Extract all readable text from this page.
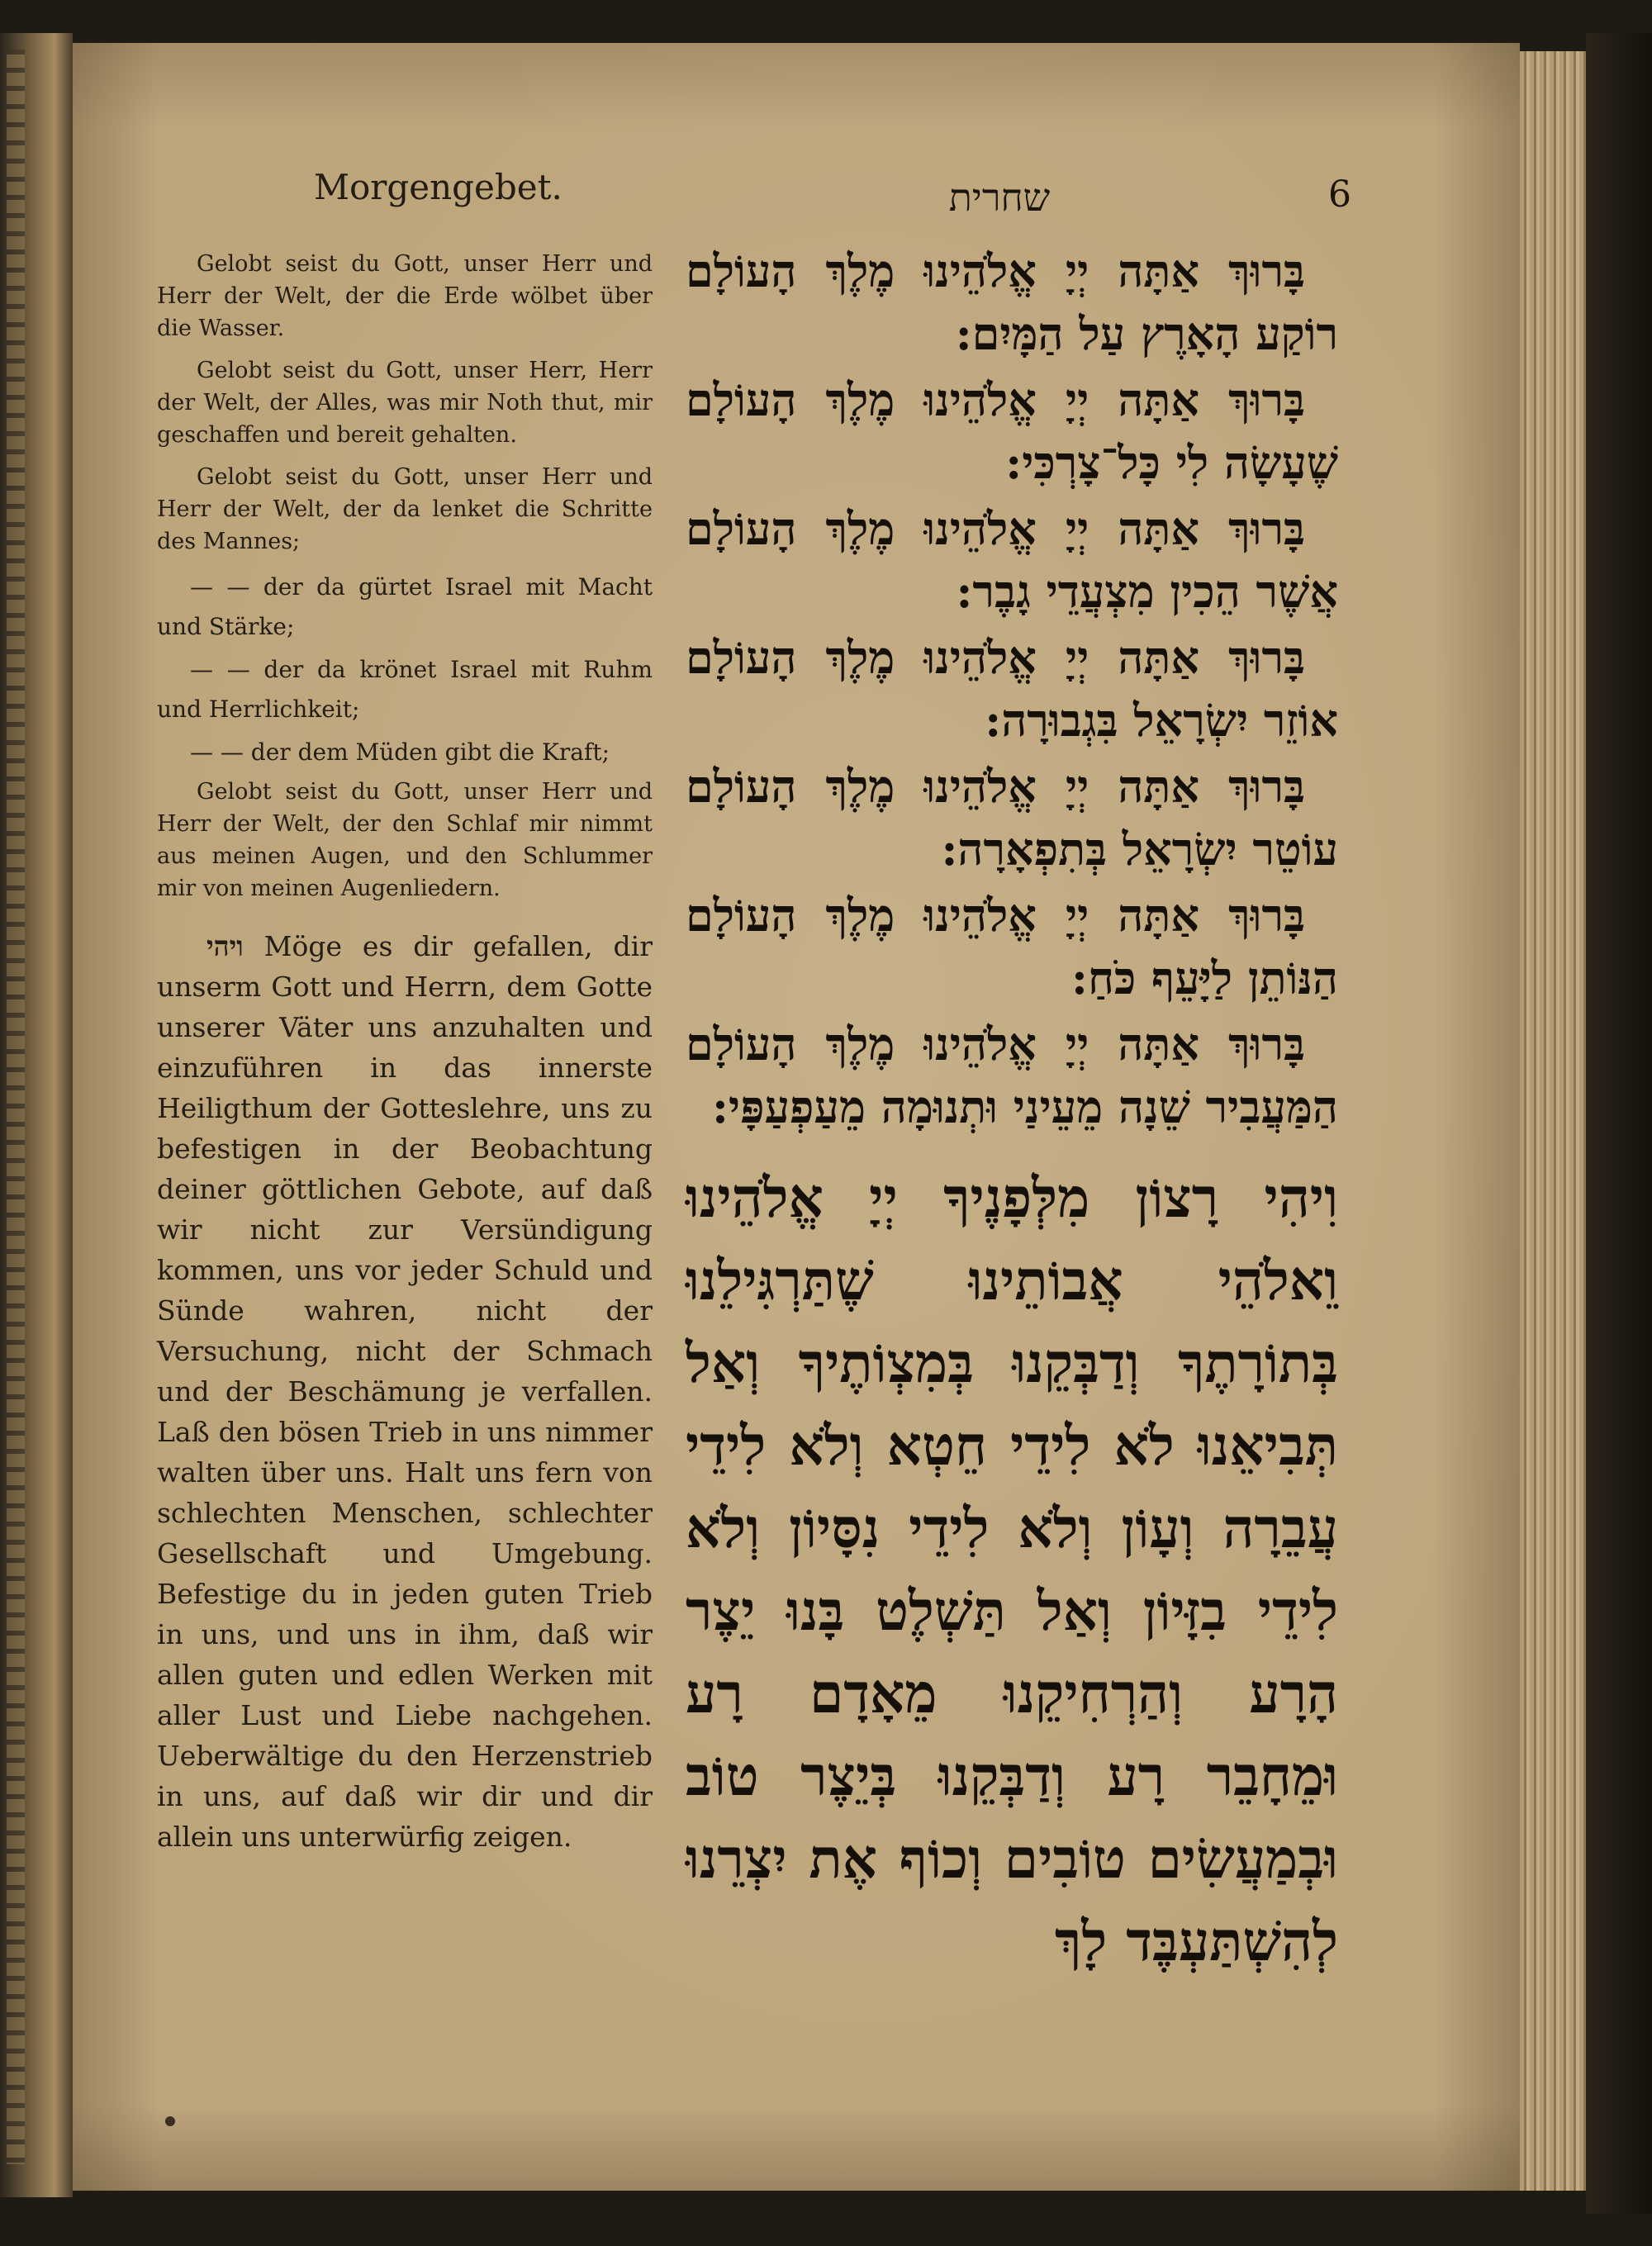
Morgengebet.	שחרית	6

Gelobt seist du Gott, unser Herr und Herr der Welt, der die Erde wölbet über die Wasser.

Gelobt seist du Gott, unser Herr, Herr der Welt, der Alles, was mir Noth thut, mir geschaffen und bereit gehalten.

Gelobt seist du Gott, unser Herr und Herr der Welt, der da lenket die Schritte des Mannes;

— — der da gürtet Israel mit Macht und Stärke;

— — der da krönet Israel mit Ruhm und Herrlichkeit;

— — der dem Müden gibt die Kraft;

Gelobt seist du Gott, unser Herr und Herr der Welt, der den Schlaf mir nimmt aus meinen Augen, und den Schlummer mir von meinen Augenliedern.

ויהי Möge es dir gefallen, dir unserm Gott und Herrn, dem Gotte unserer Väter uns anzuhalten und einzuführen in das innerste Heiligthum der Gotteslehre, uns zu befestigen in der Beobachtung deiner göttlichen Gebote, auf daß wir nicht zur Versündigung kommen, uns vor jeder Schuld und Sünde wahren, nicht der Versuchung, nicht der Schmach und der Beschämung je verfallen. Laß den bösen Trieb in uns nimmer walten über uns. Halt uns fern von schlechten Menschen, schlechter Gesellschaft und Umgebung. Befestige du in jeden guten Trieb in uns, und uns in ihm, daß wir allen guten und edlen Werken mit aller Lust und Liebe nachgehen. Ueberwältige du den Herzenstrieb in uns, auf daß wir dir und dir allein uns unterwürfig zeigen.

בָּרוּךְ אַתָּה יְיָ אֱלֹהֵינוּ מֶלֶךְ הָעוֹלָם רוֹקַע הָאָרֶץ עַל הַמָּיִם:

בָּרוּךְ אַתָּה יְיָ אֱלֹהֵינוּ מֶלֶךְ הָעוֹלָם שֶׁעָשָׂה לִי כָּל־צָרְכִּי:

בָּרוּךְ אַתָּה יְיָ אֱלֹהֵינוּ מֶלֶךְ הָעוֹלָם אֲשֶׁר הֵכִין מִצְעֲדֵי גָבֶר:

בָּרוּךְ אַתָּה יְיָ אֱלֹהֵינוּ מֶלֶךְ הָעוֹלָם אוֹזֵר יִשְׂרָאֵל בִּגְבוּרָה:

בָּרוּךְ אַתָּה יְיָ אֱלֹהֵינוּ מֶלֶךְ הָעוֹלָם עוֹטֵר יִשְׂרָאֵל בְּתִפְאָרָה:

בָּרוּךְ אַתָּה יְיָ אֱלֹהֵינוּ מֶלֶךְ הָעוֹלָם הַנּוֹתֵן לַיָּעֵף כֹּחַ:

בָּרוּךְ אַתָּה יְיָ אֱלֹהֵינוּ מֶלֶךְ הָעוֹלָם הַמַּעֲבִיר שֵׁנָה מֵעֵינַי וּתְנוּמָה מֵעַפְעַפָּי:

וִיהִי רָצוֹן מִלְּפָנֶיךָ יְיָ אֱלֹהֵינוּ וֵאלֹהֵי אֲבוֹתֵינוּ שֶׁתַּרְגִּילֵנוּ בְּתוֹרָתֶךָ וְדַבְּקֵנוּ בְּמִצְוֹתֶיךָ וְאַל תְּבִיאֵנוּ לֹא לִידֵי חֵטְא וְלֹא לִידֵי עֲבֵרָה וְעָוֹן וְלֹא לִידֵי נִסָּיוֹן וְלֹא לִידֵי בִזָּיוֹן וְאַל תַּשְׁלֶט בָּנוּ יֵצֶר הָרָע וְהַרְחִיקֵנוּ מֵאָדָם רָע וּמֵחָבֵר רָע וְדַבְּקֵנוּ בְּיֵצֶר טוֹב וּבְמַעֲשִׂים טוֹבִים וְכוֹף אֶת יִצְרֵנוּ לְהִשְׁתַּעְבֶּד לָךְ
